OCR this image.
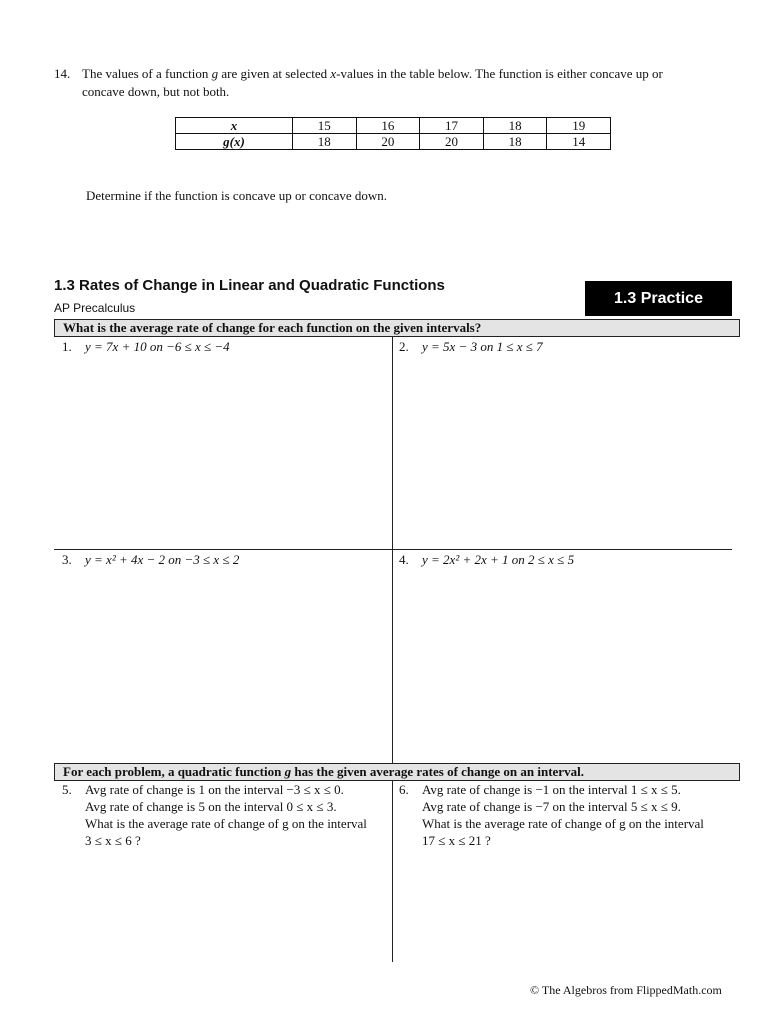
14. The values of a function g are given at selected x-values in the table below. The function is either concave up or
concave down, but not both.
x	15	16	17	18	19
g(x)	18	20	20	18	14
Determine if the function is concave up or concave down.
1.3 Rates of Change in Linear and Quadratic Functions
AP Precalculus
1.3 Practice
What is the average rate of change for each function on the given intervals?
1. y = 7x + 10 on −6 ≤ x ≤ −4	2. y = 5x − 3 on 1 ≤ x ≤ 7
3. y = x² + 4x − 2 on −3 ≤ x ≤ 2	4. y = 2x² + 2x + 1 on 2 ≤ x ≤ 5
For each problem, a quadratic function g has the given average rates of change on an interval.
5. Avg rate of change is 1 on the interval −3 ≤ x ≤ 0.
Avg rate of change is 5 on the interval 0 ≤ x ≤ 3.
What is the average rate of change of g on the interval
3 ≤ x ≤ 6 ?
6. Avg rate of change is −1 on the interval 1 ≤ x ≤ 5.
Avg rate of change is −7 on the interval 5 ≤ x ≤ 9.
What is the average rate of change of g on the interval
17 ≤ x ≤ 21 ?
© The Algebros from FlippedMath.com
